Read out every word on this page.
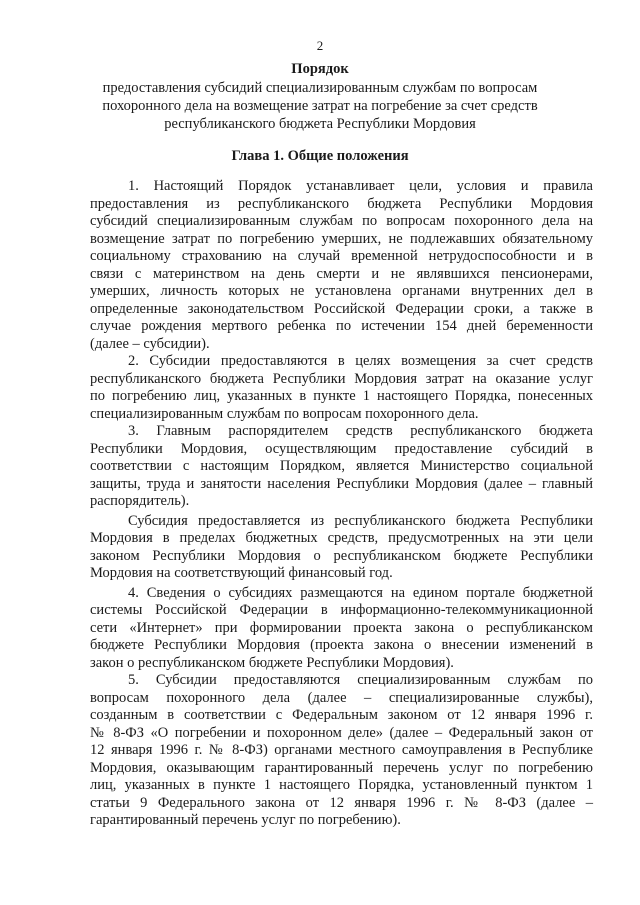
2
Порядок
предоставления субсидий специализированным службам по вопросам
похоронного дела на возмещение затрат на погребение за счет средств
республиканского бюджета Республики Мордовия
Глава 1. Общие положения
1. Настоящий Порядок устанавливает цели, условия и правила
предоставления из республиканского бюджета Республики Мордовия
субсидий специализированным службам по вопросам похоронного дела на
возмещение затрат по погребению умерших, не подлежавших обязательному
социальному страхованию на случай временной нетрудоспособности и в
связи с материнством на день смерти и не являвшихся пенсионерами,
умерших, личность которых не установлена органами внутренних дел в
определенные законодательством Российской Федерации сроки, а также в
случае рождения мертвого ребенка по истечении 154 дней беременности
(далее – субсидии).
2. Субсидии предоставляются в целях возмещения за счет средств
республиканского бюджета Республики Мордовия затрат на оказание услуг
по погребению лиц, указанных в пункте 1 настоящего Порядка, понесенных
специализированным службам по вопросам похоронного дела.
3. Главным распорядителем средств республиканского бюджета
Республики Мордовия, осуществляющим предоставление субсидий в
соответствии с настоящим Порядком, является Министерство социальной
защиты, труда и занятости населения Республики Мордовия (далее – главный
распорядитель).
Субсидия предоставляется из республиканского бюджета Республики
Мордовия в пределах бюджетных средств, предусмотренных на эти цели
законом Республики Мордовия о республиканском бюджете Республики
Мордовия на соответствующий финансовый год.
4. Сведения о субсидиях размещаются на едином портале бюджетной
системы Российской Федерации в информационно-телекоммуникационной
сети «Интернет» при формировании проекта закона о республиканском
бюджете Республики Мордовия (проекта закона о внесении изменений в
закон о республиканском бюджете Республики Мордовия).
5. Субсидии предоставляются специализированным службам по
вопросам похоронного дела (далее – специализированные службы),
созданным в соответствии с Федеральным законом от 12 января 1996 г.
№ 8-ФЗ «О погребении и похоронном деле» (далее – Федеральный закон от
12 января 1996 г. № 8-ФЗ) органами местного самоуправления в Республике
Мордовия, оказывающим гарантированный перечень услуг по погребению
лиц, указанных в пункте 1 настоящего Порядка, установленный пунктом 1
статьи 9 Федерального закона от 12 января 1996 г. № 8-ФЗ (далее –
гарантированный перечень услуг по погребению).
